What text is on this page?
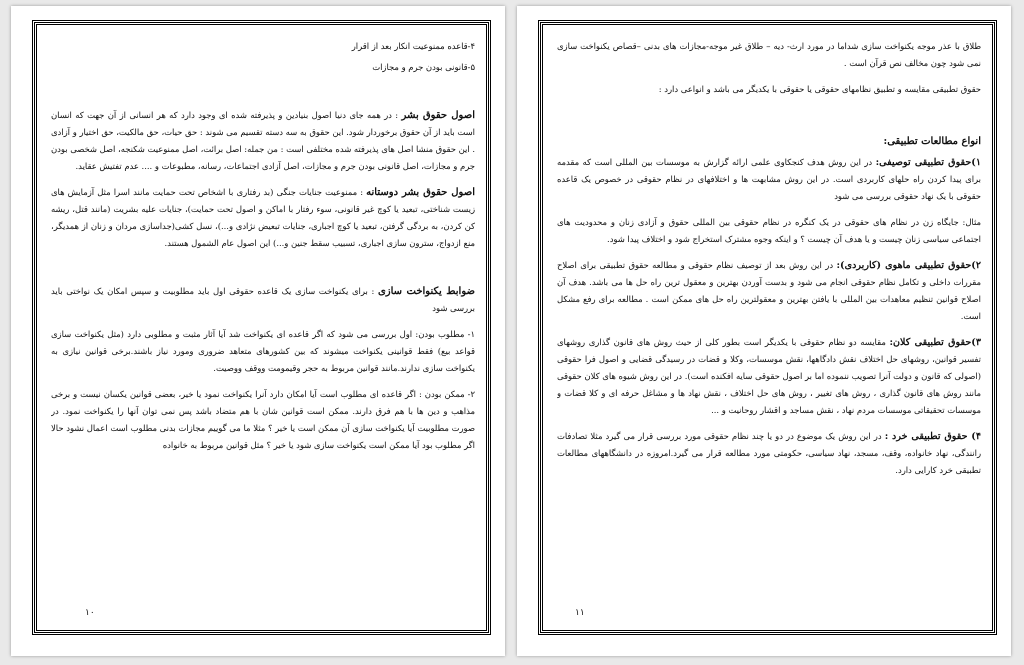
۴-قاعده ممنوعیت انکار بعد از اقرار

۵-قانونی بودن جرم و مجازات

اصول حقوق بشر : در همه جای دنیا اصول بنیادین و پذیرفته شده ای وجود دارد که هر انسانی از آن جهت که انسان است باید از آن حقوق برخوردار شود. این حقوق به سه دسته تقسیم می شوند : حق حیات، حق مالکیت، حق اختیار و آزادی . این حقوق منشا اصل های پذیرفته شده مختلفی است : من جمله: اصل برائت، اصل ممنوعیت شکنجه، اصل شخصی بودن جرم و مجازات، اصل قانونی بودن جرم و مجازات، اصل آزادی اجتماعات، رسانه، مطبوعات و .... عدم تفتیش عقاید.

اصول حقوق بشر دوستانه : ممنوعیت جنایات جنگی (بد رفتاری با اشخاص تحت حمایت مانند اسرا مثل آزمایش های زیست شناختی، تبعید یا کوچ غیر قانونی، سوء رفتار با اماکن و اصول تحت حمایت)، جنایات علیه بشریت (مانند قتل، ریشه کن کردن، به بردگی گرفتن، تبعید یا کوچ اجباری، جنایات تبعیض نژادی و...)، نسل کشی(جداسازی مردان و زنان از همدیگر، منع ازدواج، سترون سازی اجباری، تسبیب سقط جنین و...) این اصول عام الشمول هستند.

ضوابط یکنواخت سازی : برای یکنواخت سازی یک قاعده حقوقی اول باید مطلوبیت و سپس امکان یک نواختی باید بررسی شود

۱- مطلوب بودن: اول بررسی می شود که اگر قاعده ای یکنواخت شد آیا آثار مثبت و مطلوبی دارد (مثل یکنواخت سازی قواعد بیع) فقط قوانینی یکنواخت میشوند که بین کشورهای متعاهد ضروری ومورد نیاز باشند.برخی قوانین نیازی به یکنواخت سازی ندارند.مانند قوانین مربوط به حجر وقیمومت ووقف ووصیت.

۲- ممکن بودن : اگر قاعده ای مطلوب است آیا امکان دارد آنرا یکنواخت نمود یا خیر، بعضی قوانین یکسان نیست و برخی مذاهب و دین ها با هم فرق دارند. ممکن است قوانین شان با هم متضاد باشد پس نمی توان آنها را یکنواخت نمود. در صورت مطلوبیت آیا یکنواخت سازی آن ممکن است یا خیر ؟ مثلا ما می گوییم مجازات بدنی مطلوب است اعمال نشود حالا اگر مطلوب بود آیا ممکن است یکنواخت سازی شود یا خیر ؟ مثل قوانین مربوط به خانواده

۱۰

طلاق با عذر موجه یکنواخت سازی شداما در مورد ارث- دیه – طلاق غیر موجه-مجازات های بدنی –قصاص یکنواخت سازی نمی شود چون مخالف نص قرآن است .

حقوق تطبیقی مقایسه و تطبیق نظامهای حقوقی یا حقوقی با یکدیگر می باشد و انواعی دارد :

انواع مطالعات تطبیقی:

۱)حقوق تطبیقی توصیفی: در این روش هدف کنجکاوی علمی ارائه گزارش به موسسات بین المللی است که مقدمه برای پیدا کردن راه حلهای کاربردی است. در این روش مشابهت ها و اختلافهای در نظام حقوقی در خصوص یک قاعده حقوقی با یک نهاد حقوقی بررسی می شود

مثال: جایگاه زن در نظام های حقوقی در یک کنگره در نظام حقوقی بین المللی حقوق و آزادی زنان و محدودیت های اجتماعی سیاسی زنان چیست و یا هدف آن چیست ؟ و اینکه وجوه مشترک استخراج شود و اختلاف پیدا شود.

۲)حقوق تطبیقی ماهوی (کاربردی): در این روش بعد از توصیف نظام حقوقی و مطالعه حقوق تطبیقی برای اصلاح مقررات داخلی و تکامل نظام حقوقی انجام می شود و بدست آوردن بهترین و معقول ترین راه حل ها می باشد. هدف آن اصلاح قوانین تنظیم معاهدات بین المللی با یافتن بهترین و معقولترین راه حل های ممکن است . مطالعه برای رفع مشکل است.

۳)حقوق تطبیقی کلان: مقایسه دو نظام حقوقی با یکدیگر است بطور کلی از حیث روش های قانون گذاری روشهای تفسیر قوانین، روشهای حل اختلاف نقش دادگاهها، نقش موسسات، وکلا و قضات در رسیدگی قضایی و اصول فرا حقوقی (اصولی که قانون و دولت آنرا تصویب ننموده اما بر اصول حقوقی سایه افکنده است). در این روش شیوه های کلان حقوقی مانند روش های قانون گذاری ، روش های تغییر ، روش های حل اختلاف ، نقش نهاد ها و مشاغل حرفه ای و کلا قضات و موسسات تحقیقاتی موسسات مردم نهاد ، نقش مساجد و اقشار روحانیت و ...

۴) حقوق تطبیقی خرد : در این روش یک موضوع در دو یا چند نظام حقوقی مورد بررسی قرار می گیرد مثلا تصادفات رانندگی، نهاد خانواده، وقف، مسجد، نهاد سیاسی، حکومتی مورد مطالعه قرار می گیرد.امروزه در دانشگاههای مطالعات تطبیقی خرد کارایی دارد.

۱۱
